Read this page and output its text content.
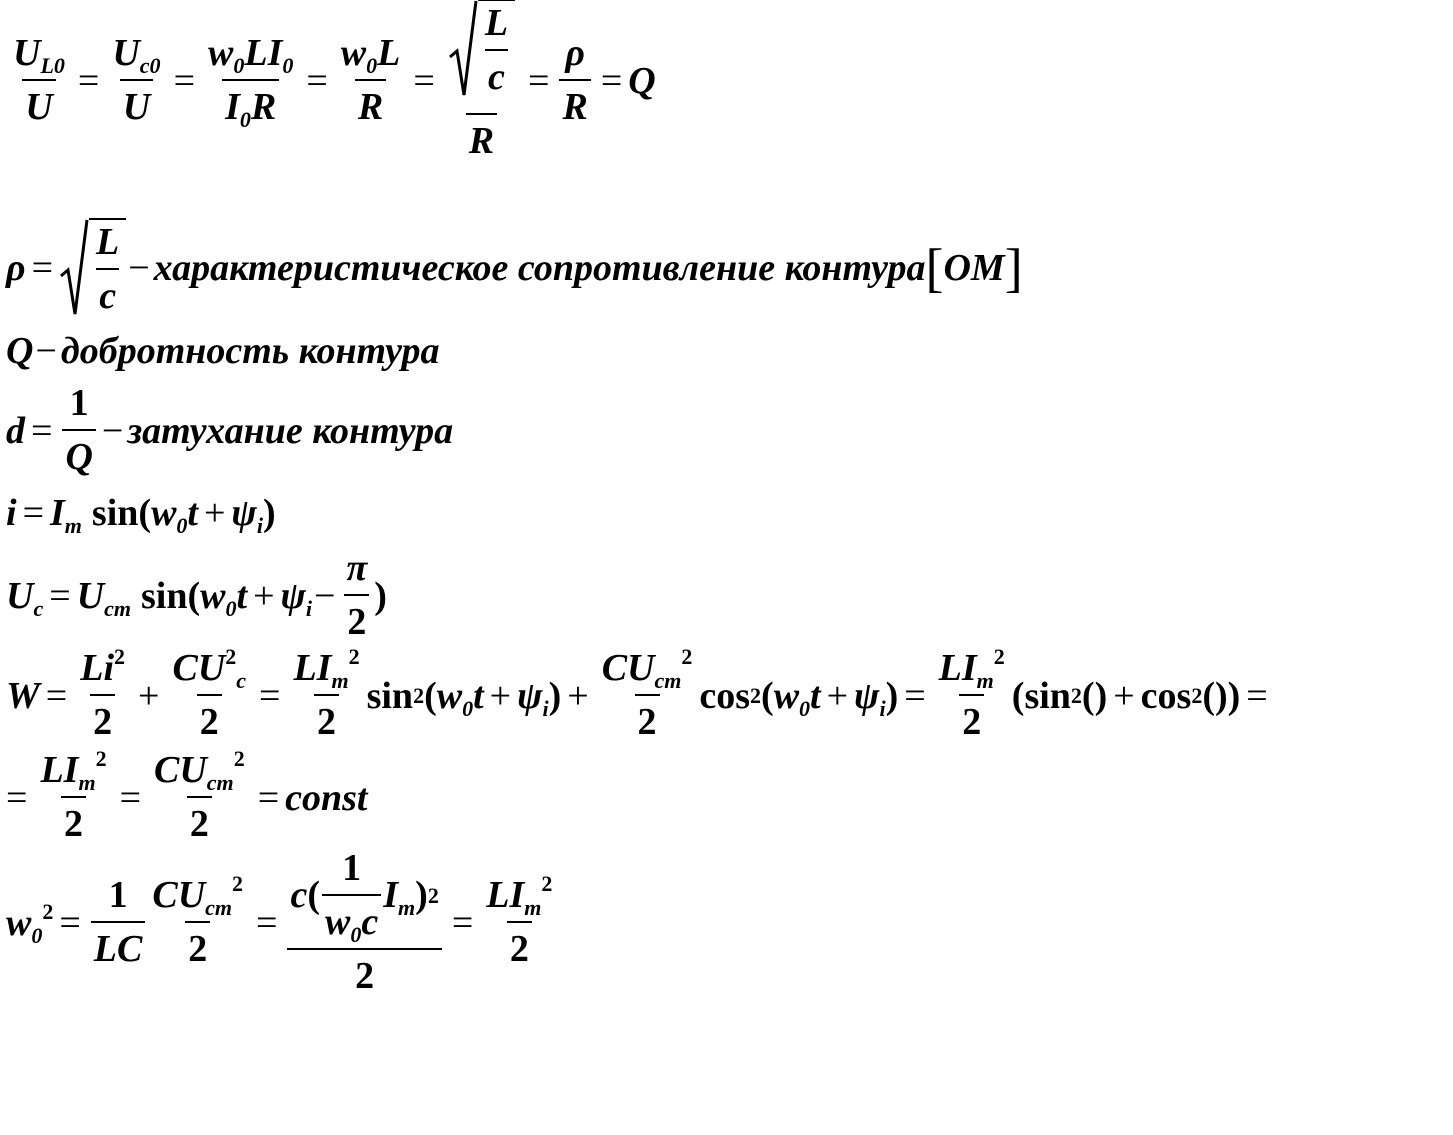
$\frac{U_{L0}}{U} = \frac{U_{c0}}{U} = \frac{w_0LI_0}{I_0R} = \frac{w_0L}{R} = \frac{\frac{L}{c}}{R} = \frac{\rho}{R} = Q$
$\rho = \frac{L}{c}$ − характеристическое сопротивление контура [ ОМ ]
Q − добротность контура
$d = \frac{1}{Q}$ − затухание контура
$i = I_m$ sin ( $w_0t + \psi_i$ )
$U_c = U_{cm}$ sin ( $w_0t + \psi_i - \frac{\pi}{2}$ )
$W = \frac{Li^2}{2} + \frac{CU^2_c}{2} = \frac{LI_m^2}{2}$ sin 2 ( $w_0t + \psi_i$ ) + $\frac{CU_{cm}^2}{2}$ cos 2 ( $w_0t + \psi_i$ ) = $\frac{LI_m^2}{2}$ ( sin 2 () + cos 2 ()) =
= $\frac{LI_m^2}{2} = \frac{CU_{cm}^2}{2}$ = const
$w_0^2 = \frac{1}{LC} \frac{CU_{cm}^2}{2} = \frac{c ( \frac{1}{w_0c} I_m ) 2}{2} = \frac{LI_m^2}{2}$
